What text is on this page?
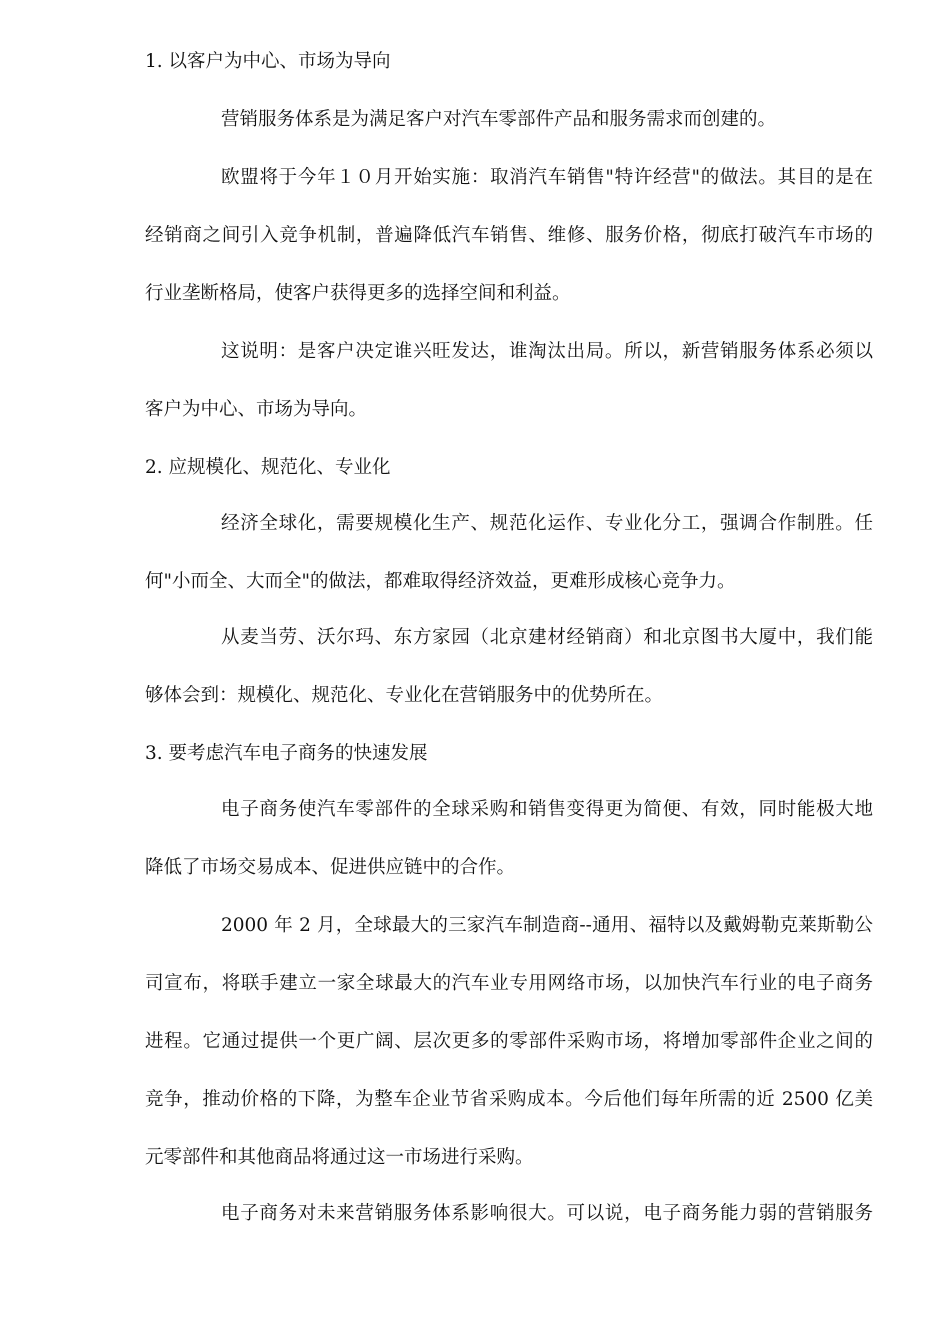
1. 以客户为中心、市场为导向
营销服务体系是为满足客户对汽车零部件产品和服务需求而创建的。
欧盟将于今年１０月开始实施：取消汽车销售"特许经营"的做法。其目的是在
经销商之间引入竞争机制，普遍降低汽车销售、维修、服务价格，彻底打破汽车市场的
行业垄断格局，使客户获得更多的选择空间和利益。
这说明：是客户决定谁兴旺发达，谁淘汰出局。所以，新营销服务体系必须以
客户为中心、市场为导向。
2. 应规模化、规范化、专业化
经济全球化，需要规模化生产、规范化运作、专业化分工，强调合作制胜。任
何"小而全、大而全"的做法，都难取得经济效益，更难形成核心竞争力。
从麦当劳、沃尔玛、东方家园（北京建材经销商）和北京图书大厦中，我们能
够体会到：规模化、规范化、专业化在营销服务中的优势所在。
3. 要考虑汽车电子商务的快速发展
电子商务使汽车零部件的全球采购和销售变得更为简便、有效，同时能极大地
降低了市场交易成本、促进供应链中的合作。
2000 年 2 月，全球最大的三家汽车制造商--通用、福特以及戴姆勒克莱斯勒公
司宣布，将联手建立一家全球最大的汽车业专用网络市场，以加快汽车行业的电子商务
进程。它通过提供一个更广阔、层次更多的零部件采购市场，将增加零部件企业之间的
竞争，推动价格的下降，为整车企业节省采购成本。今后他们每年所需的近 2500 亿美
元零部件和其他商品将通过这一市场进行采购。
电子商务对未来营销服务体系影响很大。可以说，电子商务能力弱的营销服务
